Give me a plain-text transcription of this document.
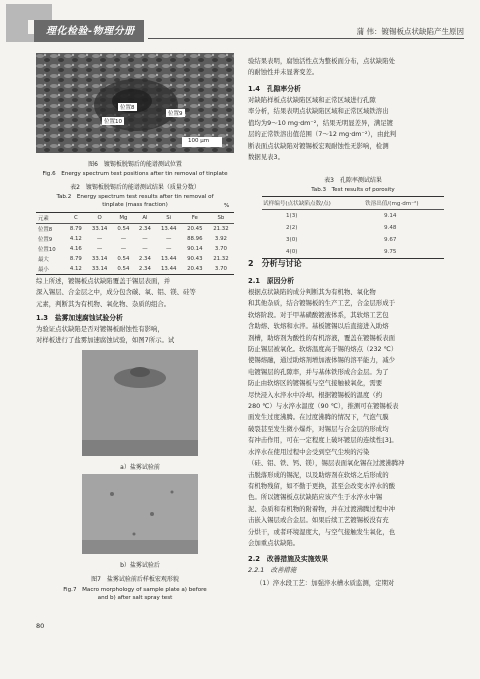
理化检验-物理分册	蒲 伟：镀锡板点状缺陷产生原因
位置8
位置9
位置10
100 μm
图6　镀锡板脱锡后的能谱测试位置
Fig.6　Energy spectrum test positions after tin removal of tinplate
表2　镀锡板脱锡后的能谱测试结果（质量分数）
Tab.2　Energy spectrum test results after tin removal of
tinplate (mass fraction)	%
元素	C	O	Mg	Al	Si	Fe	Sb
位置8	8.79	33.14	0.54	2.34	13.44	20.45	21.32
位置9	4.12	—	—	—	—	88.96	3.92
位置10	4.16	—	—	—	—	90.14	3.70
最大	8.79	33.14	0.54	2.34	13.44	90.43	21.32
最小	4.12	33.14	0.54	2.34	13.44	20.43	3.70
综上所述，镀锡板点状缺陷覆盖于锡层表面，并
深入锡层、合金层之中，成分包含碳、氧、铝、镁、硅等
元素，判断其为有机物、氧化物、杂质的组合。
1.3　盐雾加速腐蚀试验分析
为验证点状缺陷是否对镀锡板耐蚀性有影响，
对样板进行了盐雾加速腐蚀试验，如图7所示。试
a）盐雾试验前
b）盐雾试验后
图7　盐雾试验前后样板宏观形貌
Fig.7　Macro morphology of sample plate a) before
and b) after salt spray test
80
验结果表明，腐蚀活性点为整板面分布，点状缺陷处
的耐蚀性并未显著变差。
1.4　孔隙率分析
对缺陷样板点状缺陷区域和正常区域进行孔隙
率分析，结果表明点状缺陷区域和正常区域铁溶出
值均为9～10 mg·dm⁻²，结果无明显差异，满足镀
层的正常铁溶出值范围（7～12 mg·dm⁻²），由此判
断表面点状缺陷对镀锡板宏观耐蚀性无影响，检测
数据见表3。
表3　孔隙率测试结果
Tab.3　Test results of porosity
试样编号(点状缺陷点数/点)	铁溶出值/(mg·dm⁻²)
1(3)	9.14
2(2)	9.48
3(0)	9.67
4(0)	9.75
2　分析与讨论
2.1　原因分析
根据点状缺陷的成分判断其为有机物、氧化物
和其他杂质，结合镀锡板的生产工艺，合金层形成于
软熔阶段。对于甲基磺酸镀液体系，其软熔工艺包
含助熔、软熔和水淬。基板镀锡以后直接进入助熔
剂槽，助熔剂为酸性的有机溶液，覆盖在镀锡板表面
防止锡层被氧化。软熔温度高于锡的熔点（232 ℃）
使锡熔融，通过助熔剂增加液体锡的溶平能力，减少
电镀锡层的孔隙率，并与基体铁形成合金层。为了
防止由软熔区的镀锡板与空气接触被氧化，需要
尽快浸入水淬水中冷却。根据镀锡板的温度（约
280 ℃）与水淬水温度（90 ℃），推测可在镀锡板表
面发生过度沸腾。在过度沸腾的情况下，气泡气膜
破裂甚至发生微小爆炸，对锡层与合金层的形成均
有冲击作用，可在一定程度上破坏镀层的连续性[3]。
水淬水在使用过程中会受到空气尘埃的污染
（硅、铝、铁、钙、镁），锡层表面氧化锡在过渡沸腾冲
击脱落形成的锡泥，以及助熔剂在软熔之后形成的
有机物残留，如不勤于更换，甚至会改变水淬水的酸
色。所以镀锡板点状缺陷应该产生于水淬水中锡
泥、杂质和有机物的附着物，并在过渡沸腾过程中冲
击嵌入锡层或合金层。如果后续工艺镀锡板没有充
分烘干，或者环境湿度大，与空气接触发生氧化，也
会加重点状缺陷。
2.2　改善措施及实施效果
2.2.1　改善措施
（1）淬水段工艺：加强淬水槽水质监测，定期对
